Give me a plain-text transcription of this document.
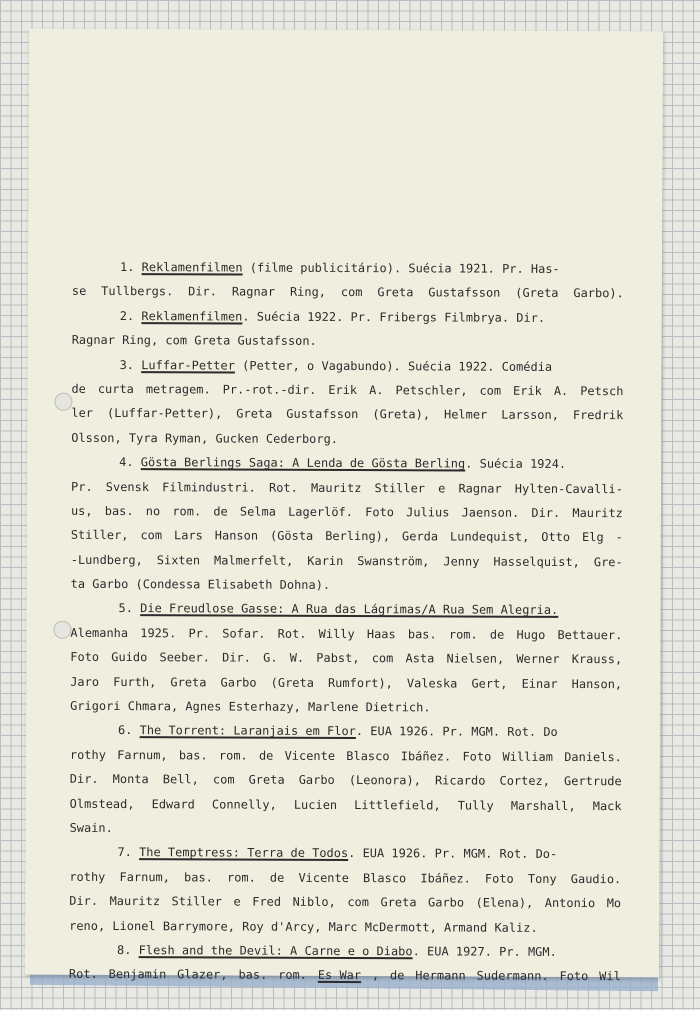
1. Reklamenfilmen (filme publicitário). Suécia 1921. Pr. Has-
se Tullbergs. Dir. Ragnar Ring, com Greta Gustafsson (Greta Garbo).
2. Reklamenfilmen . Suécia 1922. Pr. Fribergs Filmbrya. Dir.
Ragnar Ring, com Greta Gustafsson.
3. Luffar-Petter (Petter, o Vagabundo). Suécia 1922. Comédia
de curta metragem. Pr.-rot.-dir. Erik A. Petschler, com Erik A. Petsch
ler (Luffar-Petter), Greta Gustafsson (Greta), Helmer Larsson, Fredrik
Olsson, Tyra Ryman, Gucken Cederborg.
4. Gösta Berlings Saga: A Lenda de Gösta Berling . Suécia 1924.
Pr. Svensk Filmindustri. Rot. Mauritz Stiller e Ragnar Hylten-Cavalli-
us, bas. no rom. de Selma Lagerlöf. Foto Julius Jaenson. Dir. Mauritz
Stiller, com Lars Hanson (Gösta Berling), Gerda Lundequist, Otto Elg -
-Lundberg, Sixten Malmerfelt, Karin Swanström, Jenny Hasselquist, Gre-
ta Garbo (Condessa Elisabeth Dohna).
5. Die Freudlose Gasse: A Rua das Lágrimas/A Rua Sem Alegria.
Alemanha 1925. Pr. Sofar. Rot. Willy Haas bas. rom. de Hugo Bettauer.
Foto Guido Seeber. Dir. G. W. Pabst, com Asta Nielsen, Werner Krauss,
Jaro Furth, Greta Garbo (Greta Rumfort), Valeska Gert, Einar Hanson,
Grigori Chmara, Agnes Esterhazy, Marlene Dietrich.
6. The Torrent: Laranjais em Flor . EUA 1926. Pr. MGM. Rot. Do
rothy Farnum, bas. rom. de Vicente Blasco Ibáñez. Foto William Daniels.
Dir. Monta Bell, com Greta Garbo (Leonora), Ricardo Cortez, Gertrude
Olmstead, Edward Connelly, Lucien Littlefield, Tully Marshall, Mack
Swain.
7. The Temptress: Terra de Todos . EUA 1926. Pr. MGM. Rot. Do-
rothy Farnum, bas. rom. de Vicente Blasco Ibáñez. Foto Tony Gaudio.
Dir. Mauritz Stiller e Fred Niblo, com Greta Garbo (Elena), Antonio Mo
reno, Lionel Barrymore, Roy d'Arcy, Marc McDermott, Armand Kaliz.
8. Flesh and the Devil: A Carne e o Diabo . EUA 1927. Pr. MGM.
Rot. Benjamin Glazer, bas. rom. Es War , de Hermann Sudermann. Foto Wil
